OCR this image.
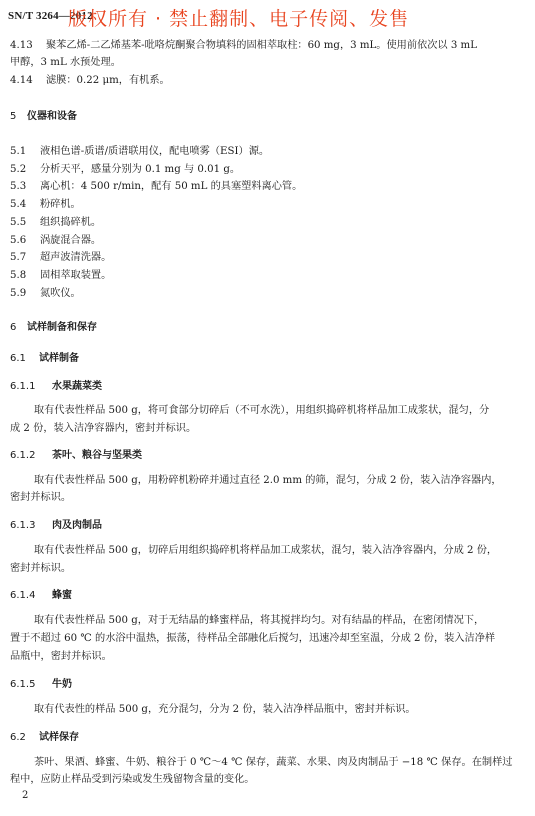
SN/T 3264—2012
版权所有 · 禁止翻制、电子传阅、发售
4.13 聚苯乙烯-二乙烯基苯-吡咯烷酮聚合物填料的固相萃取柱：60 mg，3 mL。使用前依次以 3 mL
甲醇，3 mL 水预处理。
4.14 滤膜：0.22 μm，有机系。
5 仪器和设备
5.1 液相色谱-质谱/质谱联用仪，配电喷雾（ESI）源。
5.2 分析天平，感量分别为 0.1 mg 与 0.01 g。
5.3 离心机：4 500 r/min，配有 50 mL 的具塞塑料离心管。
5.4 粉碎机。
5.5 组织捣碎机。
5.6 涡旋混合器。
5.7 超声波清洗器。
5.8 固相萃取装置。
5.9 氮吹仪。
6 试样制备和保存
6.1 试样制备
6.1.1 水果蔬菜类
取有代表性样品 500 g，将可食部分切碎后（不可水洗），用组织捣碎机将样品加工成浆状，混匀，分
成 2 份，装入洁净容器内，密封并标识。
6.1.2 茶叶、粮谷与坚果类
取有代表性样品 500 g，用粉碎机粉碎并通过直径 2.0 mm 的筛，混匀，分成 2 份，装入洁净容器内，
密封并标识。
6.1.3 肉及肉制品
取有代表性样品 500 g，切碎后用组织捣碎机将样品加工成浆状，混匀，装入洁净容器内，分成 2 份，
密封并标识。
6.1.4 蜂蜜
取有代表性样品 500 g，对于无结晶的蜂蜜样品，将其搅拌均匀。对有结晶的样品，在密闭情况下，
置于不超过 60 ℃ 的水浴中温热，振荡，待样品全部融化后搅匀，迅速冷却至室温，分成 2 份，装入洁净样
品瓶中，密封并标识。
6.1.5 牛奶
取有代表性的样品 500 g，充分混匀，分为 2 份，装入洁净样品瓶中，密封并标识。
6.2 试样保存
茶叶、果酒、蜂蜜、牛奶、粮谷于 0 ℃～4 ℃ 保存，蔬菜、水果、肉及肉制品于 −18 ℃ 保存。在制样过
程中，应防止样品受到污染或发生残留物含量的变化。
2
